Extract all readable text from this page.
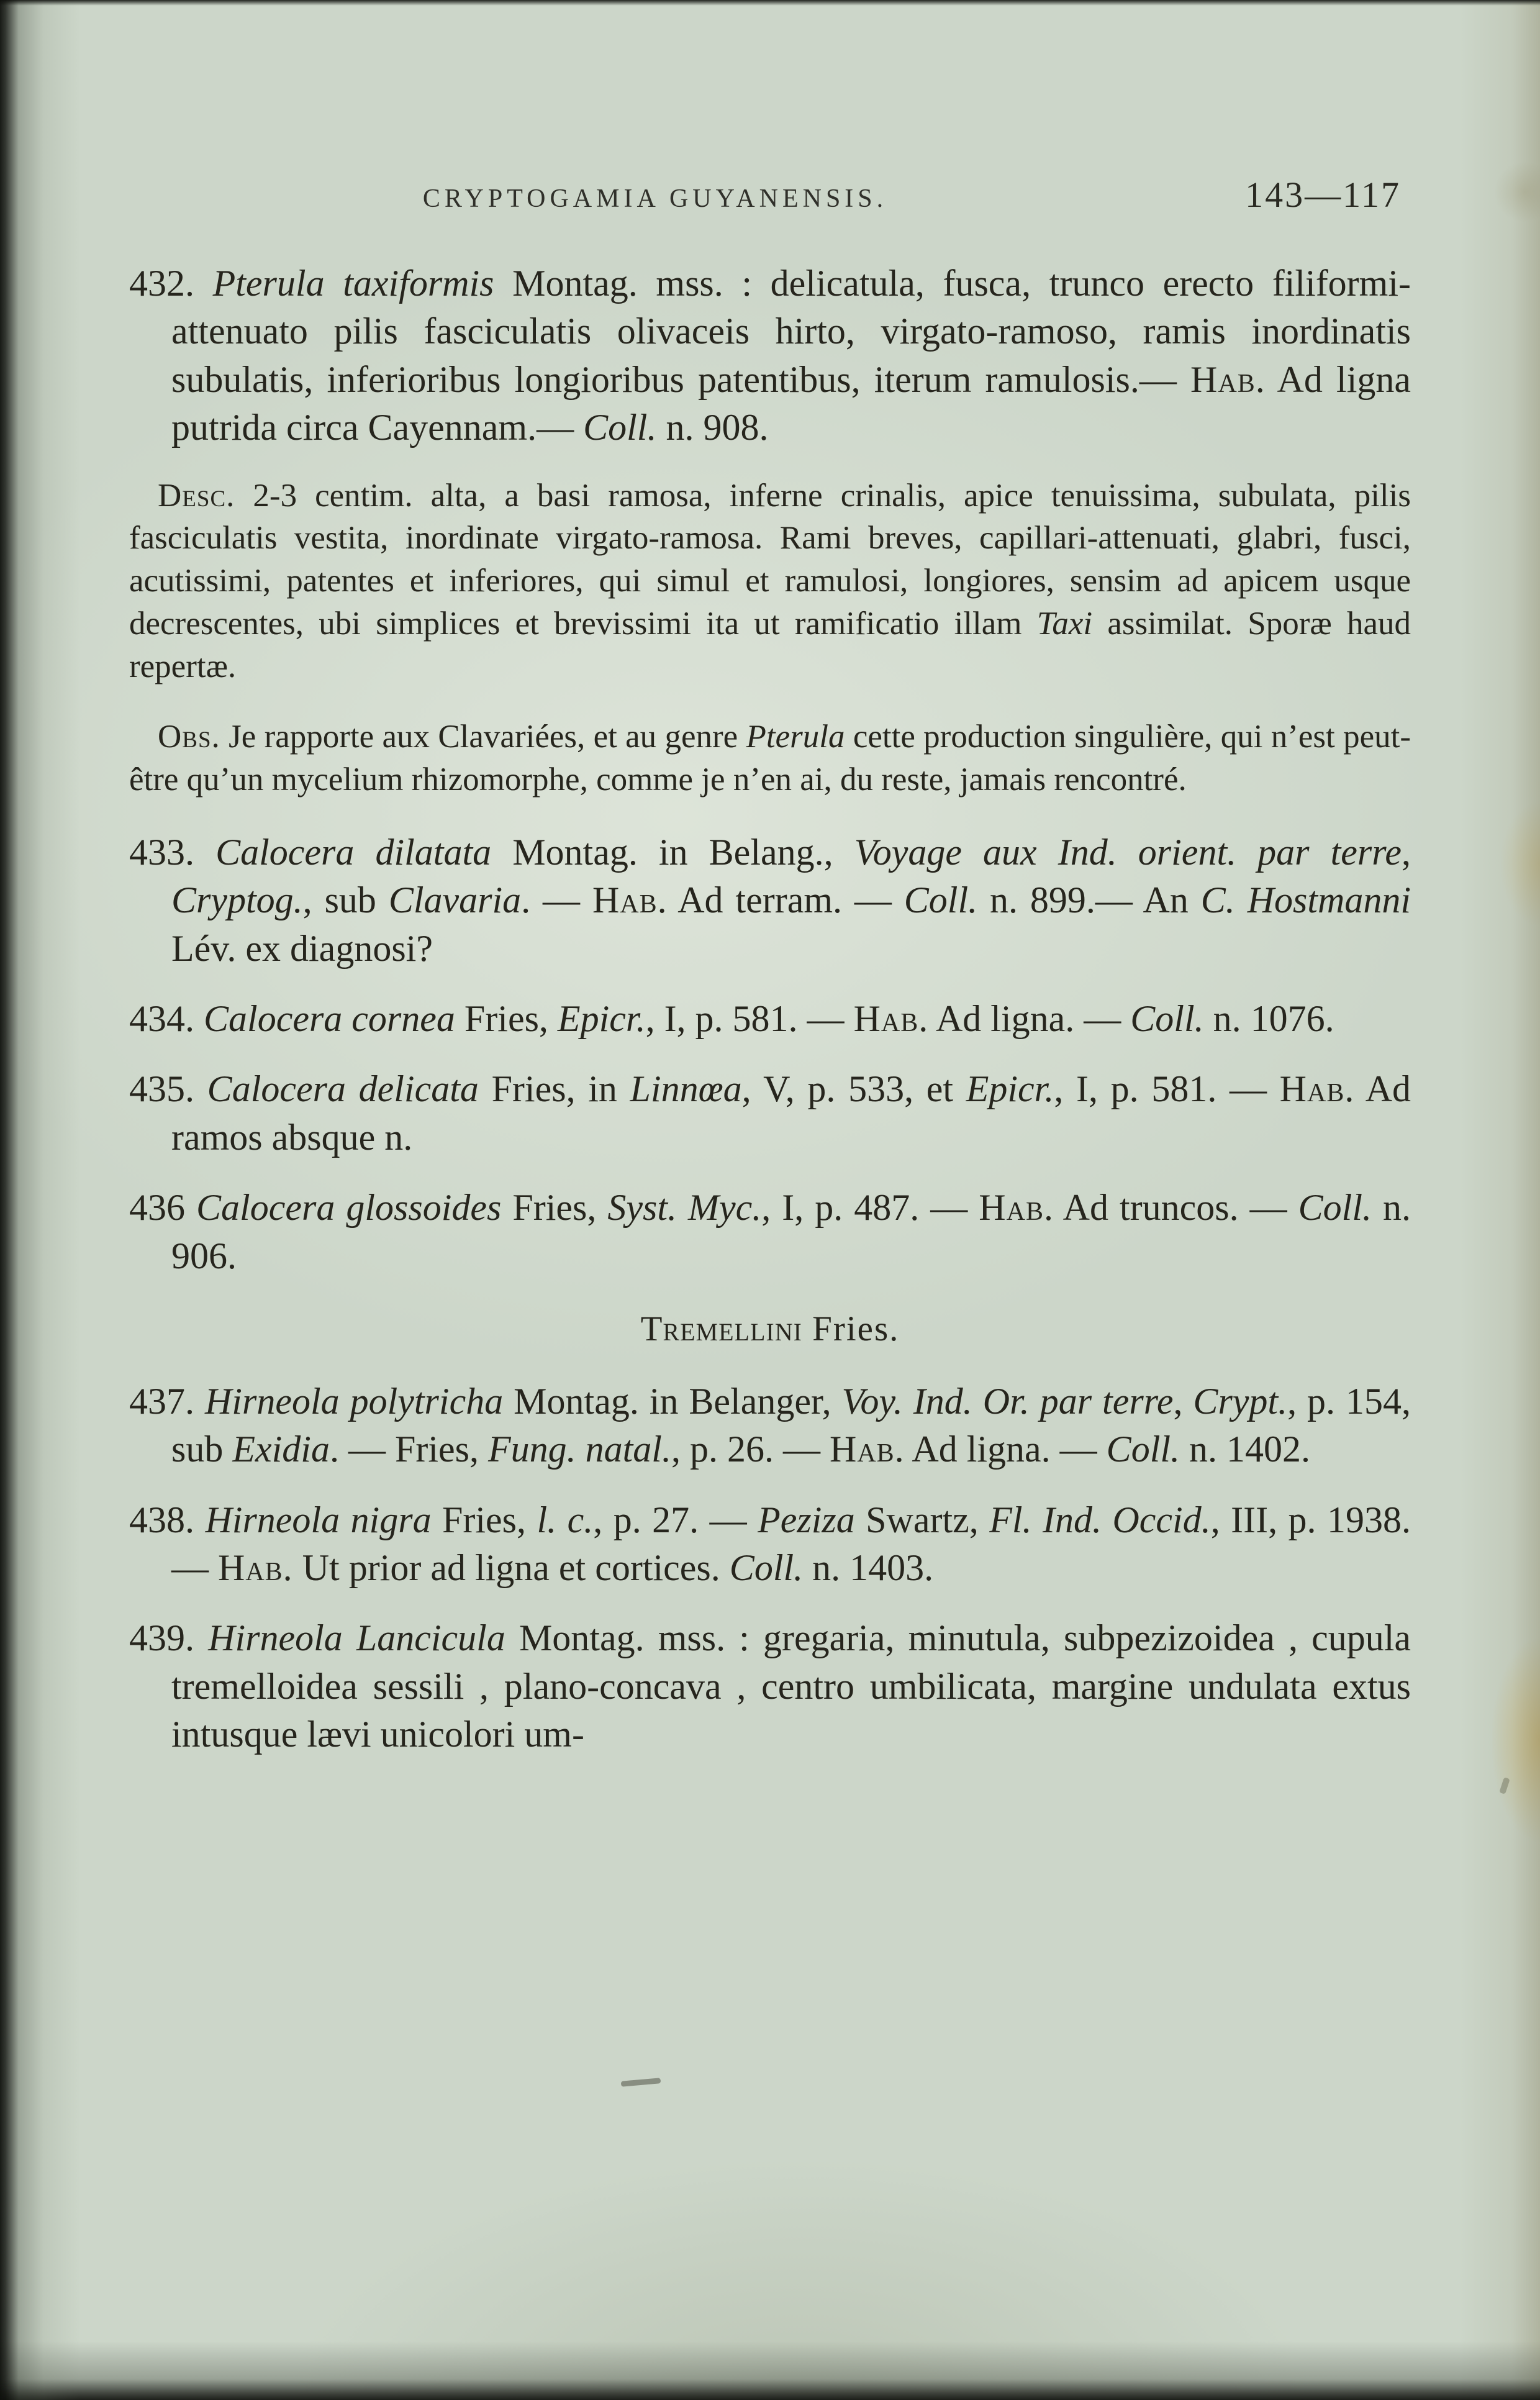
CRYPTOGAMIA GUYANENSIS.	143—117

432. Pterula taxiformis Montag. mss. : delicatula, fusca, trunco erecto filiformi-attenuato pilis fasciculatis olivaceis hirto, virgato-ramoso, ramis inordinatis subulatis, inferioribus longioribus patentibus, iterum ramulosis.— Hab. Ad ligna putrida circa Cayennam.— Coll. n. 908.

Desc. 2-3 centim. alta, a basi ramosa, inferne crinalis, apice tenuissima, subulata, pilis fasciculatis vestita, inordinate virgato-ramosa. Rami breves, capillari-attenuati, glabri, fusci, acutissimi, patentes et inferiores, qui simul et ramulosi, longiores, sensim ad apicem usque decrescentes, ubi simplices et brevissimi ita ut ramificatio illam Taxi assimilat. Sporæ haud repertæ.

Obs. Je rapporte aux Clavariées, et au genre Pterula cette production singulière, qui n’est peut-être qu’un mycelium rhizomorphe, comme je n’en ai, du reste, jamais rencontré.

433. Calocera dilatata Montag. in Belang., Voyage aux Ind. orient. par terre, Cryptog., sub Clavaria. — Hab. Ad terram. — Coll. n. 899.— An C. Hostmanni Lév. ex diagnosi?

434. Calocera cornea Fries, Epicr., I, p. 581. — Hab. Ad ligna. — Coll. n. 1076.

435. Calocera delicata Fries, in Linnœa, V, p. 533, et Epicr., I, p. 581. — Hab. Ad ramos absque n.

436 Calocera glossoides Fries, Syst. Myc., I, p. 487. — Hab. Ad truncos. — Coll. n. 906.

Tremellini Fries.

437. Hirneola polytricha Montag. in Belanger, Voy. Ind. Or. par terre, Crypt., p. 154, sub Exidia. — Fries, Fung. natal., p. 26. — Hab. Ad ligna. — Coll. n. 1402.

438. Hirneola nigra Fries, l. c., p. 27. — Peziza Swartz, Fl. Ind. Occid., III, p. 1938. — Hab. Ut prior ad ligna et cortices. Coll. n. 1403.

439. Hirneola Lancicula Montag. mss. : gregaria, minutula, subpezizoidea , cupula tremelloidea sessili , plano-concava , centro umbilicata, margine undulata extus intusque lævi unicolori um-
